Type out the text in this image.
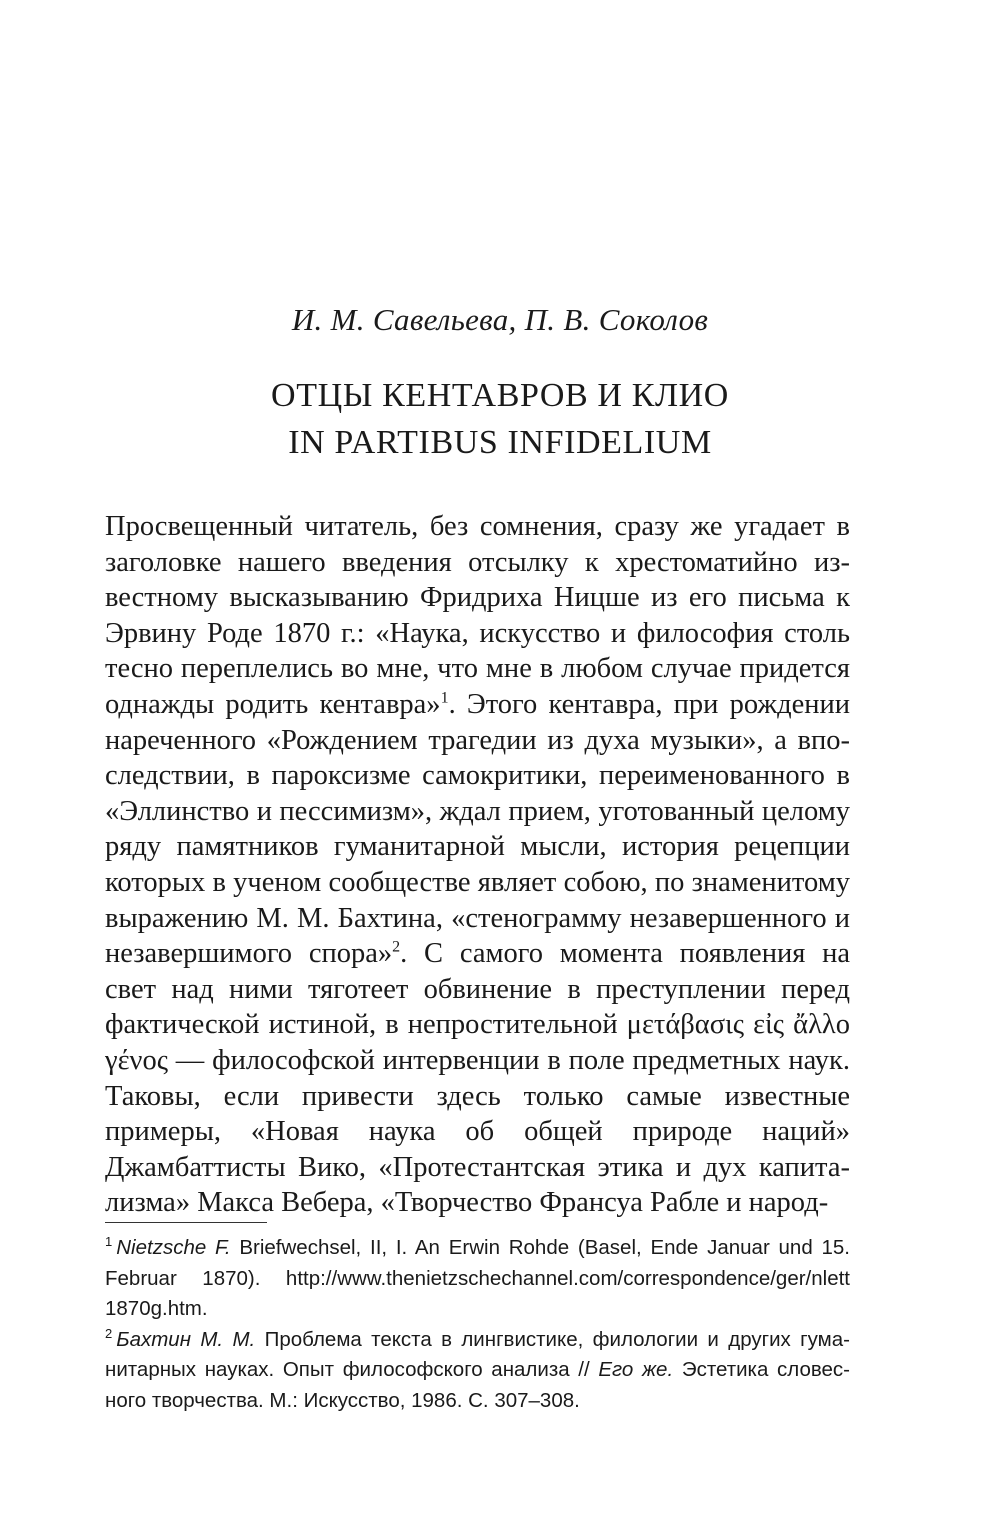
И. М. Савельева, П. В. Соколов
ОТЦЫ КЕНТАВРОВ И КЛИО
IN PARTIBUS INFIDELIUM

Просвещенный читатель, без сомнения, сразу же угадает в заголовке нашего введения отсылку к хрестоматийно известному высказыванию Фридриха Ницше из его письма к Эрвину Роде 1870 г.: «Наука, искусство и философия столь тесно переплелись во мне, что мне в любом случае придется однажды родить кентавра»$^1$. Этого кентавра, при рождении нареченного «Рождением трагедии из духа музыки», а впоследствии, в пароксизме самокритики, переименованного в «Эллинство и пессимизм», ждал прием, уготованный целому ряду памятников гуманитарной мысли, история рецепции которых в ученом сообществе являет собою, по знаменитому выражению М. М. Бахтина, «стенограмму незавершенного и незавершимого спора»$^2$. С самого момента появления на свет над ними тяготеет обвинение в преступлении перед фактической истиной, в непростительной μετάβασις εἰς ἄλλο γένος — философской интервенции в поле предметных наук. Таковы, если привести здесь только самые известные примеры, «Новая наука об общей природе наций» Джамбаттисты Вико, «Протестантская этика и дух капитализма» Макса Вебера, «Творчество Франсуа Рабле и народ-

$^1$ Nietzsche F. Briefwechsel, II, I. An Erwin Rohde (Basel, Ende Januar und 15. Februar 1870). http://www.thenietzschechannel.com/correspondence/ger/nlett 1870g.htm.

$^2$ Бахтин М. М. Проблема текста в лингвистике, филологии и других гуманитарных науках. Опыт философского анализа // Его же. Эстетика словесного творчества. М.: Искусство, 1986. С. 307–308.
